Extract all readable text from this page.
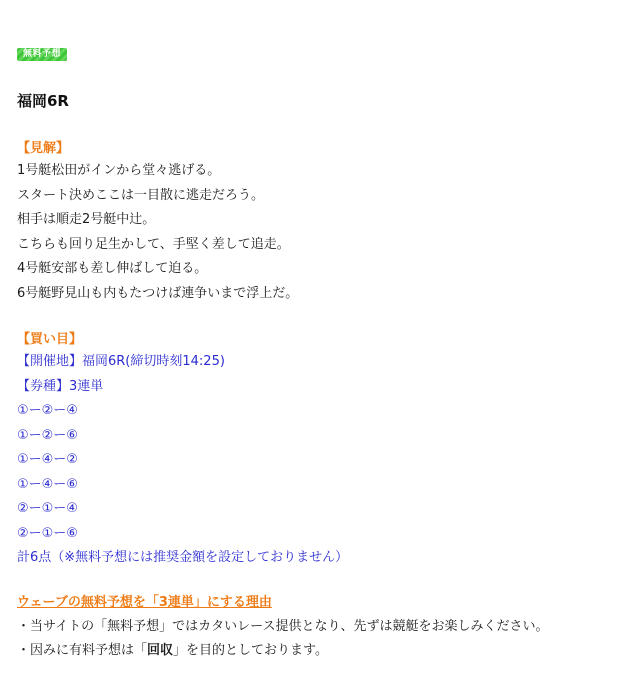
無料予想
福岡6R
【見解】
1号艇松田がインから堂々逃げる。
スタート決めここは一目散に逃走だろう。
相手は順走2号艇中辻。
こちらも回り足生かして、手堅く差して追走。
4号艇安部も差し伸ばして迫る。
6号艇野見山も内もたつけば連争いまで浮上だ。
【買い目】
【開催地】福岡6R(締切時刻14:25)
【券種】3連単
①ー②ー④
①ー②ー⑥
①ー④ー②
①ー④ー⑥
②ー①ー④
②ー①ー⑥
計6点（※無料予想には推奨金額を設定しておりません）
ウェーブの無料予想を「3連単」にする理由
・当サイトの「無料予想」ではカタいレース提供となり、先ずは競艇をお楽しみください。
・因みに有料予想は「回収」を目的としております。
